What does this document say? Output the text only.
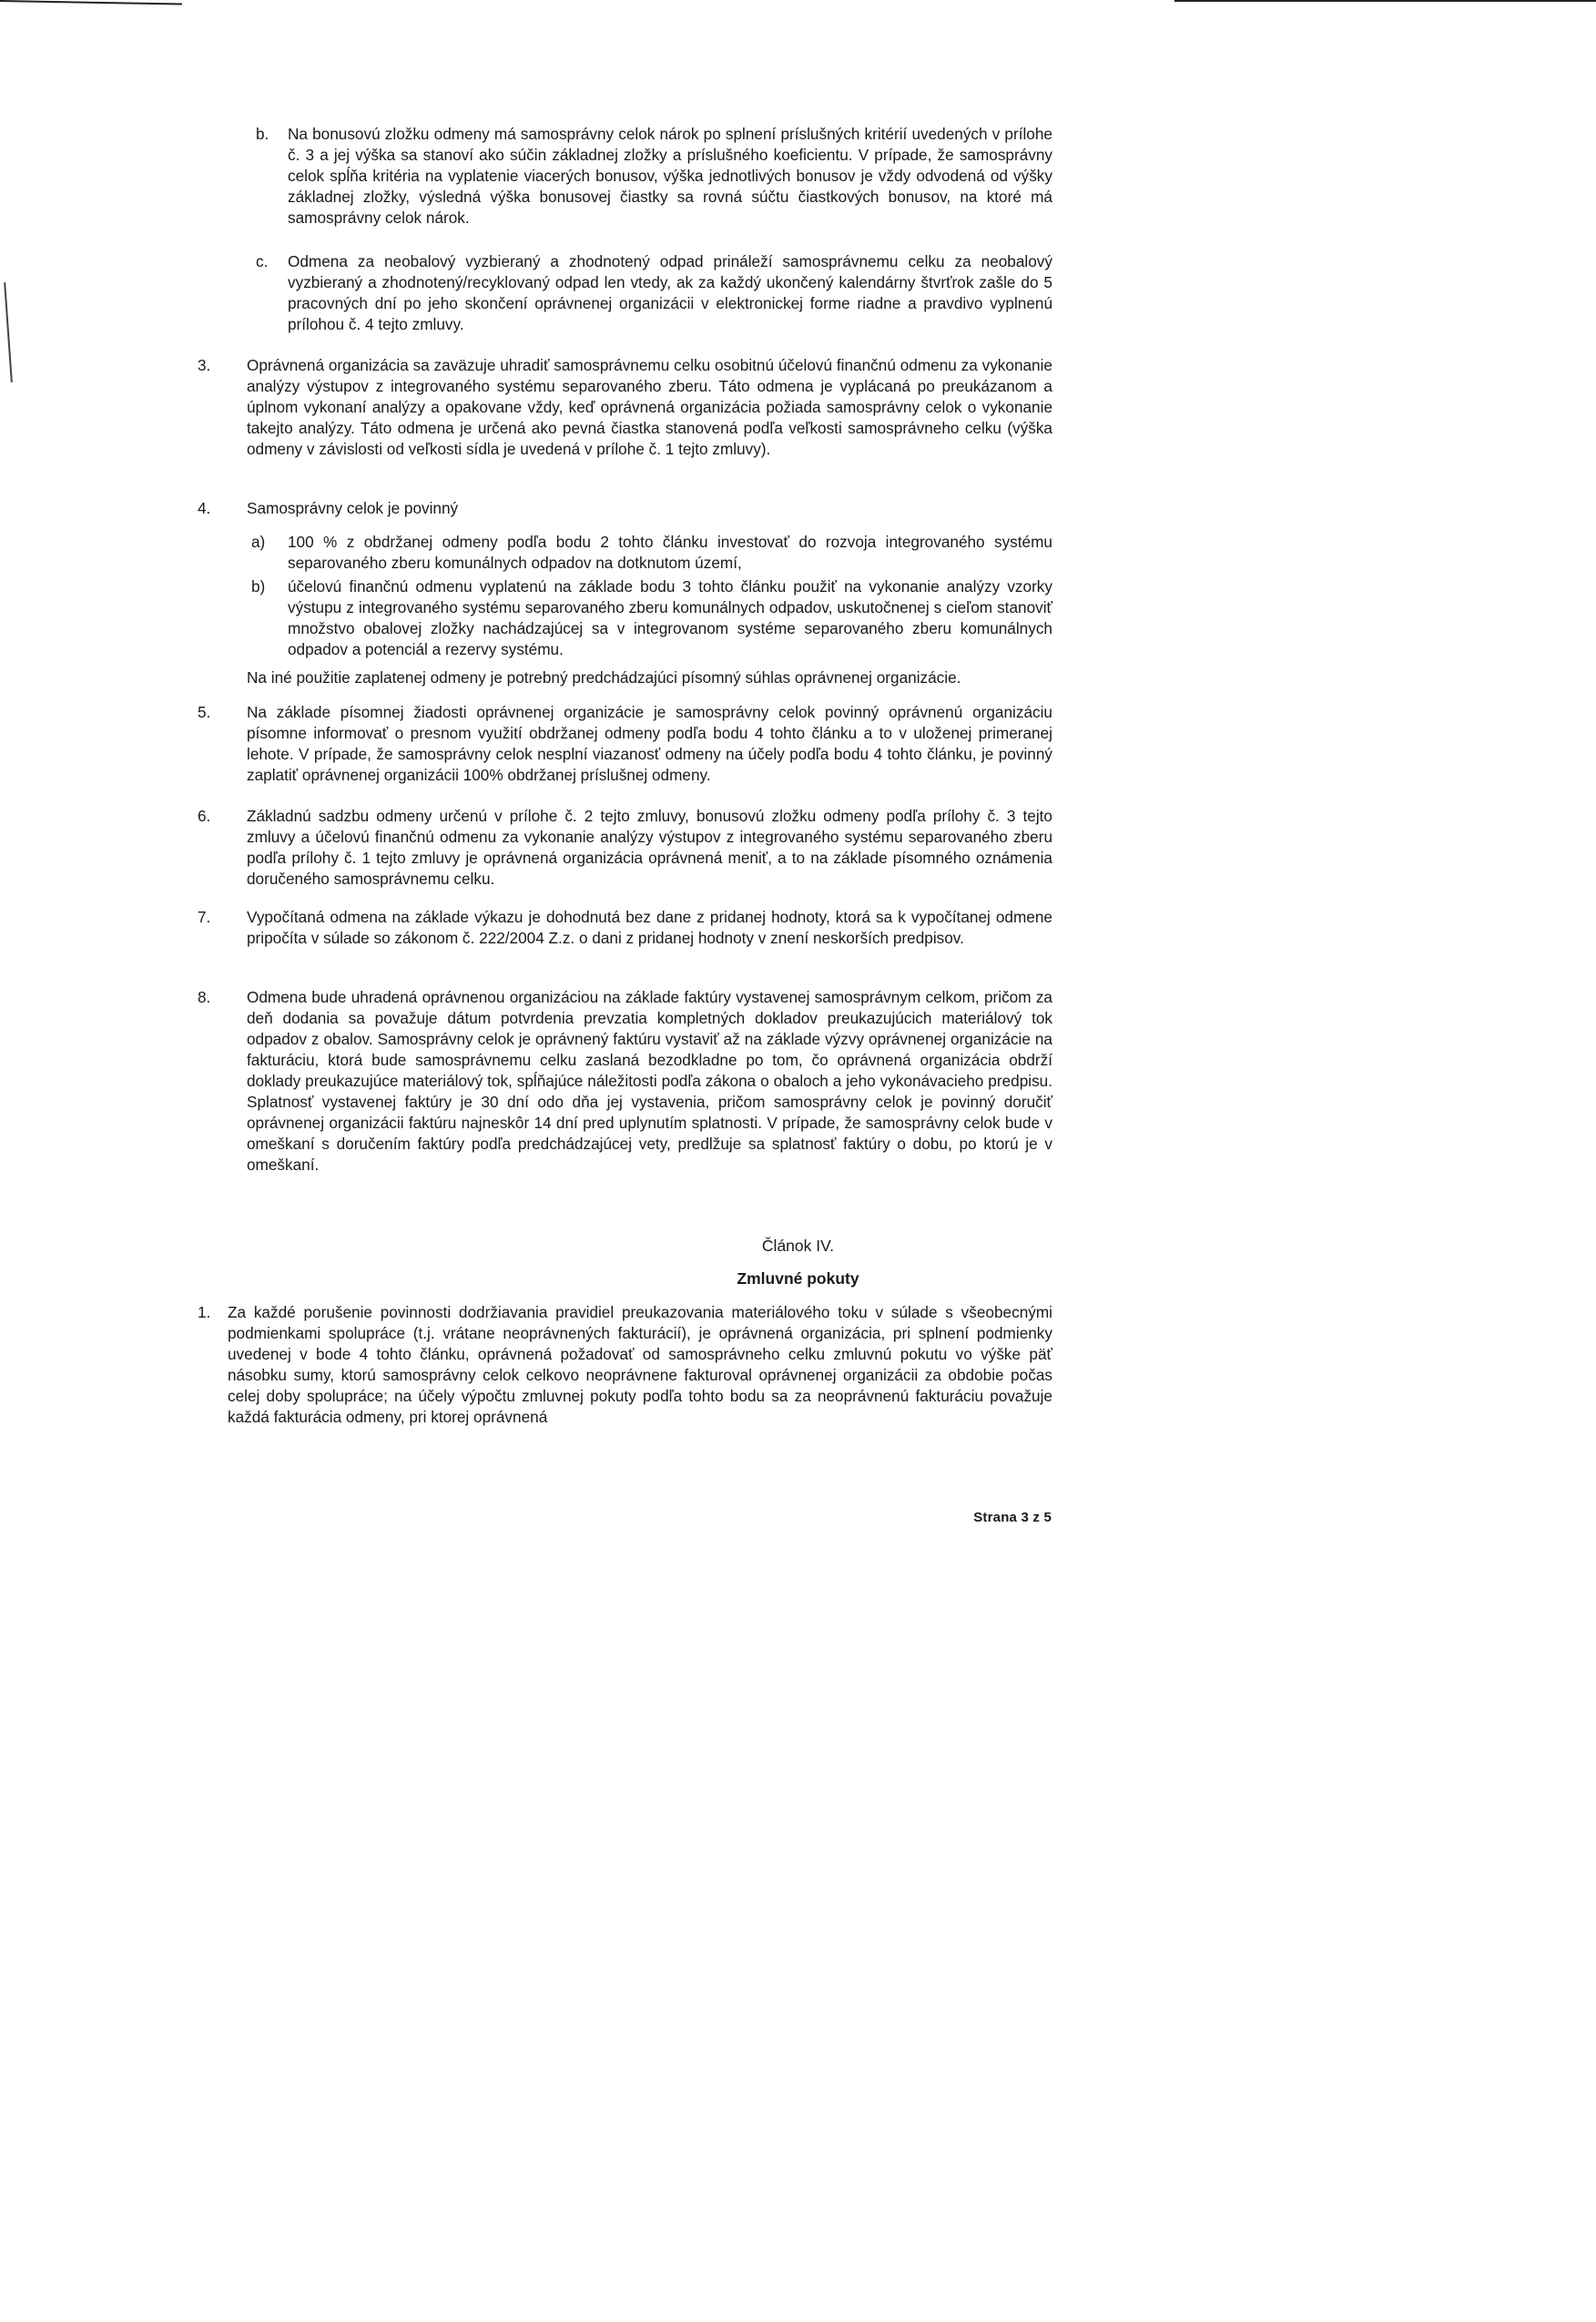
b. Na bonusovú zložku odmeny má samosprávny celok nárok po splnení príslušných kritérií uvedených v prílohe č. 3 a jej výška sa stanoví ako súčin základnej zložky a príslušného koeficientu. V prípade, že samosprávny celok spĺňa kritéria na vyplatenie viacerých bonusov, výška jednotlivých bonusov je vždy odvodená od výšky základnej zložky, výsledná výška bonusovej čiastky sa rovná súčtu čiastkových bonusov, na ktoré má samosprávny celok nárok.
c. Odmena za neobalový vyzbieraný a zhodnotený odpad prináleží samosprávnemu celku za neobalový vyzbieraný a zhodnotený/recyklovaný odpad len vtedy, ak za každý ukončený kalendárny štvrťrok zašle do 5 pracovných dní po jeho skončení oprávnenej organizácii v elektronickej forme riadne a pravdivo vyplnenú prílohou č. 4 tejto zmluvy.
3. Oprávnená organizácia sa zaväzuje uhradiť samosprávnemu celku osobitnú účelovú finančnú odmenu za vykonanie analýzy výstupov z integrovaného systému separovaného zberu. Táto odmena je vyplácaná po preukázanom a úplnom vykonaní analýzy a opakovane vždy, keď oprávnená organizácia požiada samosprávny celok o vykonanie takejto analýzy. Táto odmena je určená ako pevná čiastka stanovená podľa veľkosti samosprávneho celku (výška odmeny v závislosti od veľkosti sídla je uvedená v prílohe č. 1 tejto zmluvy).
4. Samosprávny celok je povinný
a) 100 % z obdržanej odmeny podľa bodu 2 tohto článku investovať do rozvoja integrovaného systému separovaného zberu komunálnych odpadov na dotknutom území,
b) účelovú finančnú odmenu vyplatenú na základe bodu 3 tohto článku použiť na vykonanie analýzy vzorky výstupu z integrovaného systému separovaného zberu komunálnych odpadov, uskutočnenej s cieľom stanoviť množstvo obalovej zložky nachádzajúcej sa v integrovanom systéme separovaného zberu komunálnych odpadov a potenciál a rezervy systému.
Na iné použitie zaplatenej odmeny je potrebný predchádzajúci písomný súhlas oprávnenej organizácie.
5. Na základe písomnej žiadosti oprávnenej organizácie je samosprávny celok povinný oprávnenú organizáciu písomne informovať o presnom využití obdržanej odmeny podľa bodu 4 tohto článku a to v uloženej primeranej lehote. V prípade, že samosprávny celok nesplní viazanosť odmeny na účely podľa bodu 4 tohto článku, je povinný zaplatiť oprávnenej organizácii 100% obdržanej príslušnej odmeny.
6. Základnú sadzbu odmeny určenú v prílohe č. 2 tejto zmluvy, bonusovú zložku odmeny podľa prílohy č. 3 tejto zmluvy a účelovú finančnú odmenu za vykonanie analýzy výstupov z integrovaného systému separovaného zberu podľa prílohy č. 1 tejto zmluvy je oprávnená organizácia oprávnená meniť, a to na základe písomného oznámenia doručeného samosprávnemu celku.
7. Vypočítaná odmena na základe výkazu je dohodnutá bez dane z pridanej hodnoty, ktorá sa k vypočítanej odmene pripočíta v súlade so zákonom č. 222/2004 Z.z. o dani z pridanej hodnoty v znení neskorších predpisov.
8. Odmena bude uhradená oprávnenou organizáciou na základe faktúry vystavenej samosprávnym celkom, pričom za deň dodania sa považuje dátum potvrdenia prevzatia kompletných dokladov preukazujúcich materiálový tok odpadov z obalov. Samosprávny celok je oprávnený faktúru vystaviť až na základe výzvy oprávnenej organizácie na fakturáciu, ktorá bude samosprávnemu celku zaslaná bezodkladne po tom, čo oprávnená organizácia obdrží doklady preukazujúce materiálový tok, spĺňajúce náležitosti podľa zákona o obaloch a jeho vykonávacieho predpisu. Splatnosť vystavenej faktúry je 30 dní odo dňa jej vystavenia, pričom samosprávny celok je povinný doručiť oprávnenej organizácii faktúru najneskôr 14 dní pred uplynutím splatnosti. V prípade, že samosprávny celok bude v omeškaní s doručením faktúry podľa predchádzajúcej vety, predlžuje sa splatnosť faktúry o dobu, po ktorú je v omeškaní.
Článok IV.
Zmluvné pokuty
1. Za každé porušenie povinnosti dodržiavania pravidiel preukazovania materiálového toku v súlade s všeobecnými podmienkami spolupráce (t.j. vrátane neoprávnených fakturácií), je oprávnená organizácia, pri splnení podmienky uvedenej v bode 4 tohto článku, oprávnená požadovať od samosprávneho celku zmluvnú pokutu vo výške päť násobku sumy, ktorú samosprávny celok celkovo neoprávnene fakturoval oprávnenej organizácii za obdobie počas celej doby spolupráce; na účely výpočtu zmluvnej pokuty podľa tohto bodu sa za neoprávnenú fakturáciu považuje každá fakturácia odmeny, pri ktorej oprávnená
Strana 3 z 5
